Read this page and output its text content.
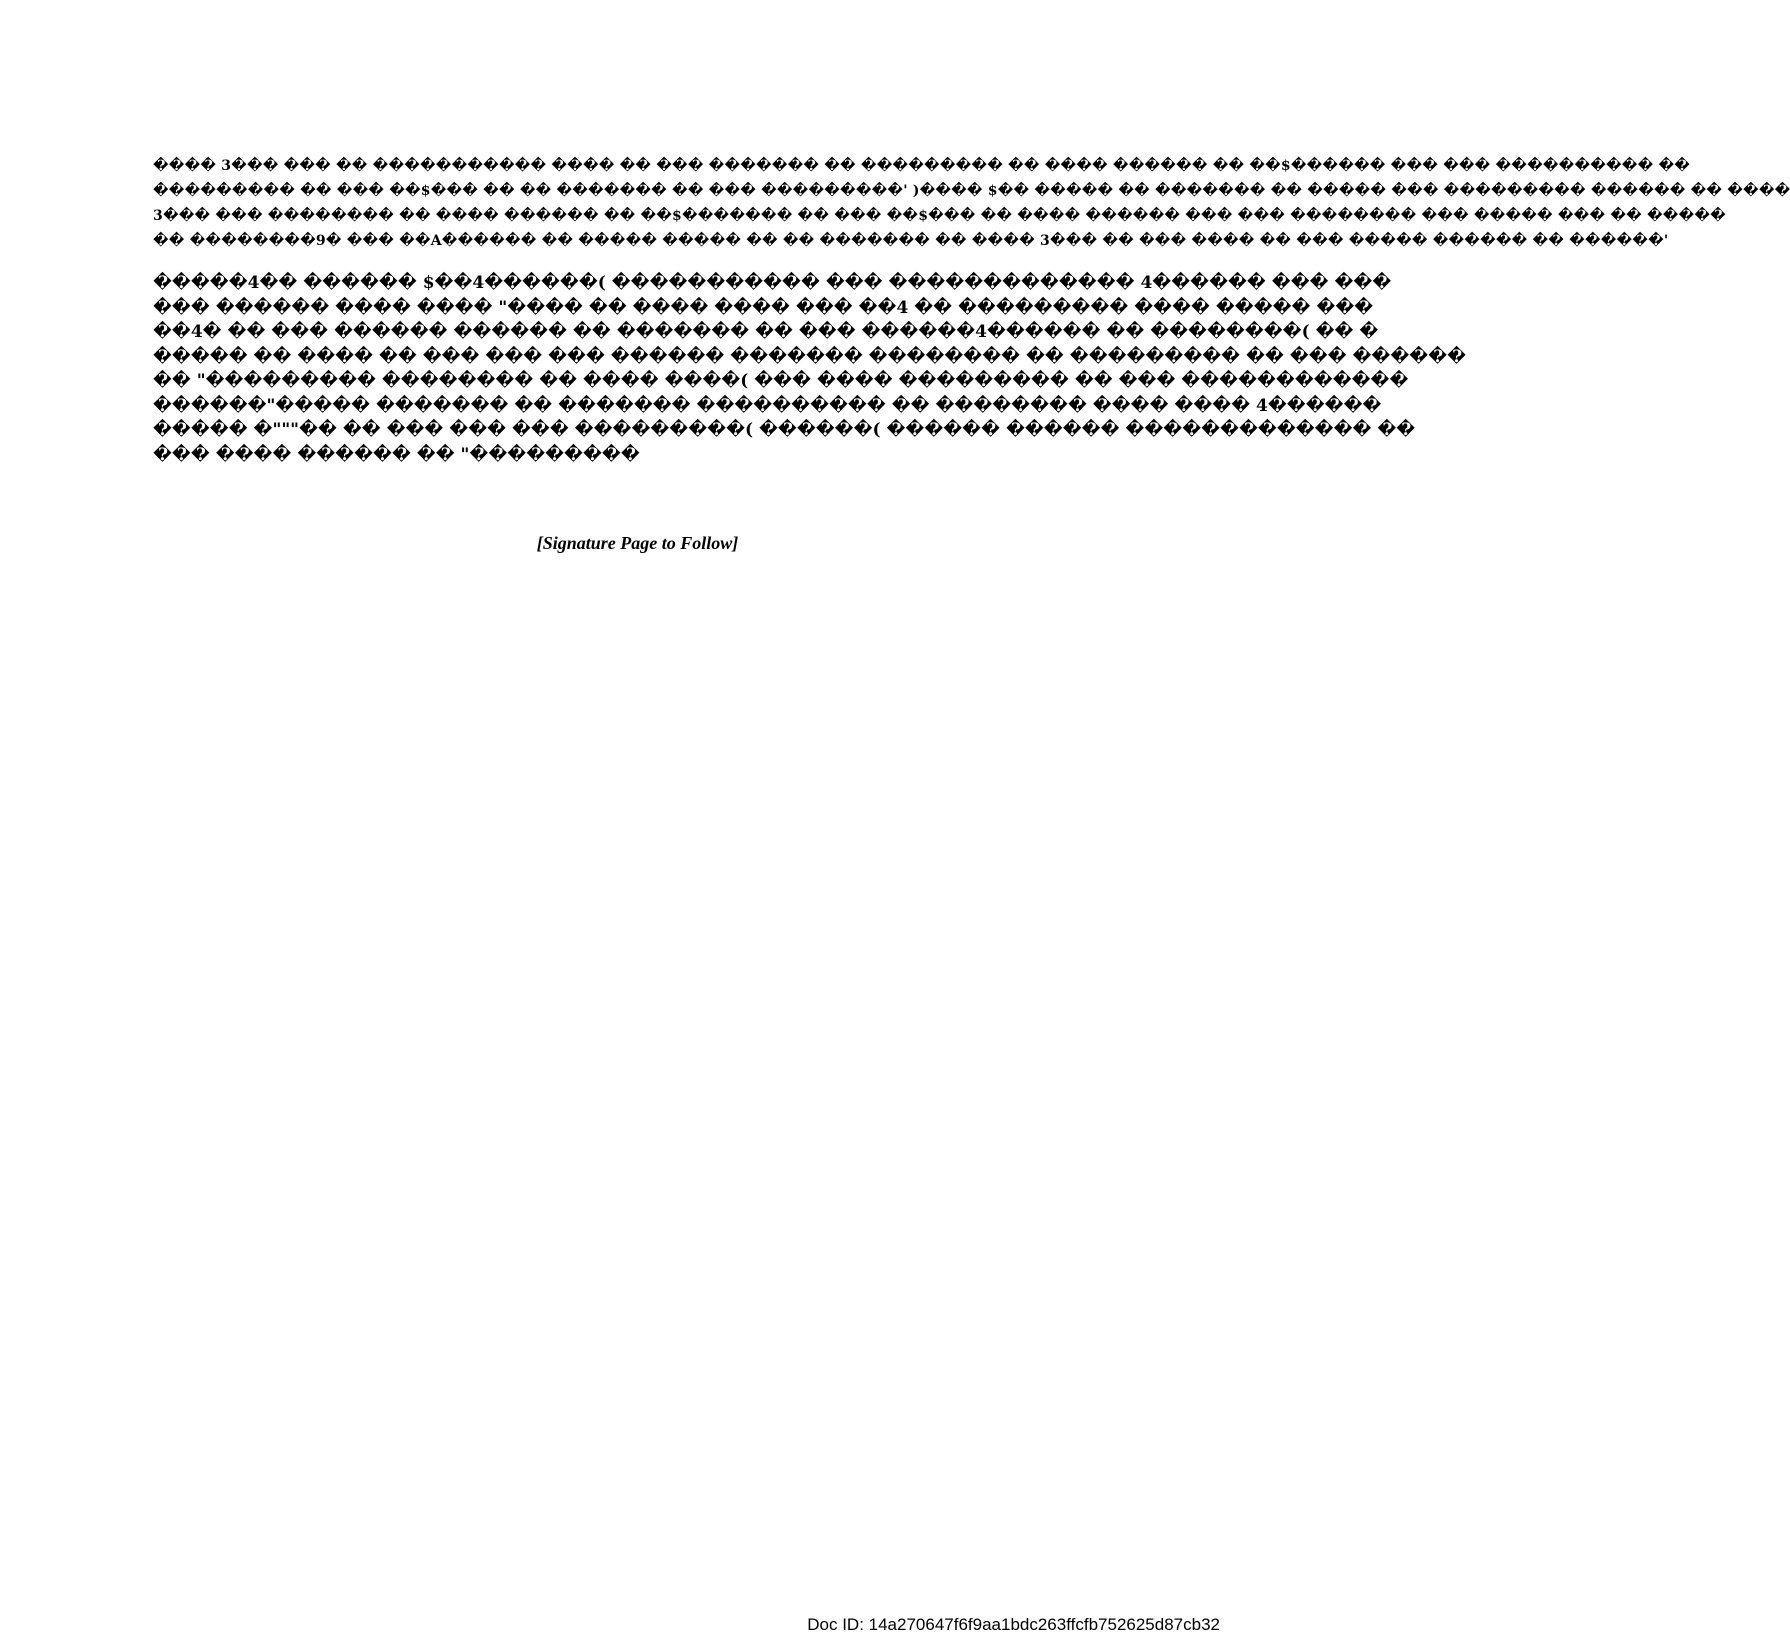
���� 3��� ��� �� ����������� ���� �� ��� ������� �� ��������� �� ���� ������ �� ��$������ ��� ��� ���������� ��
��������� �� ��� ��$��� �� �� ������� �� ��� ���������' )���� $�� ����� �� ������� �� ����� ��� ��������� ������ �� ����
3��� ��� �������� �� ���� ������ �� ��$������� �� ��� ��$��� �� ���� ������ ��� ��� �������� ��� ����� ��� �� �����
�� ��������9� ��� ��A������ �� ����� ����� �� �� ������� �� ���� 3��� �� ��� ���� �� ��� ����� ������ �� ������'
�����4�� ������ $��4������( ����������� ��� ������������� 4������ ��� ���
��� ������ ���� ���� "���� �� ���� ���� ��� ��4 �� ��������� ���� ����� ���
��4� �� ��� ������ ������ �� ������� �� ��� ������4������ �� ��������( �� �
����� �� ���� �� ��� ��� ��� ������ ������� �������� �� ��������� �� ��� ������
�� "��������� �������� �� ���� ����( ��� ���� ��������� �� ��� ������������
������"����� ������� �� ������� ���������� �� �������� ���� ���� 4������
����� �"""�� �� ��� ��� ��� ���������( ������( ������ ������ ������������� ��
��� ���� ������ �� "���������

[Signature Page to Follow]

Doc ID: 14a270647f6f9aa1bdc263ffcfb752625d87cb32
